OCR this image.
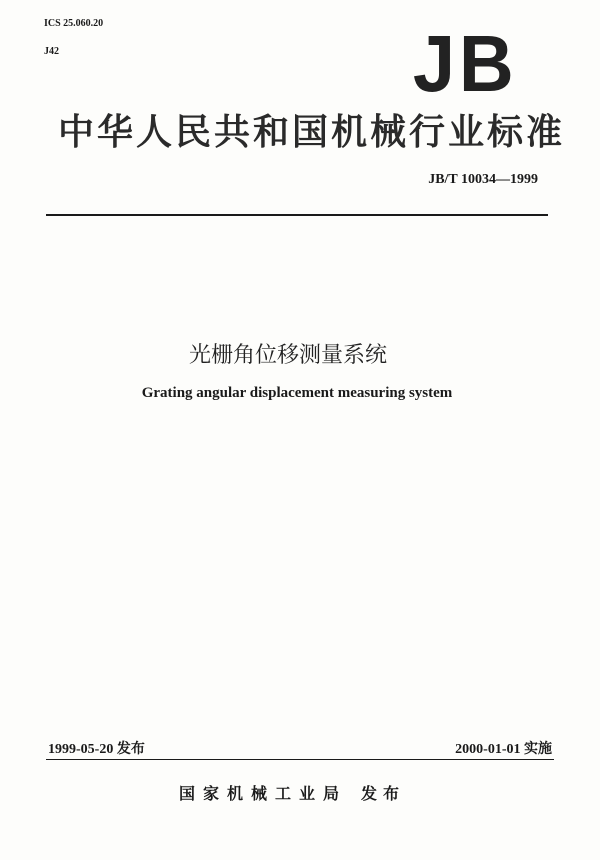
ICS 25.060.20
J42	JB
中华人民共和国机械行业标准
JB/T 10034—1999
光栅角位移测量系统
Grating angular displacement measuring system
1999-05-20 发布	2000-01-01 实施
国家机械工业局 发布
